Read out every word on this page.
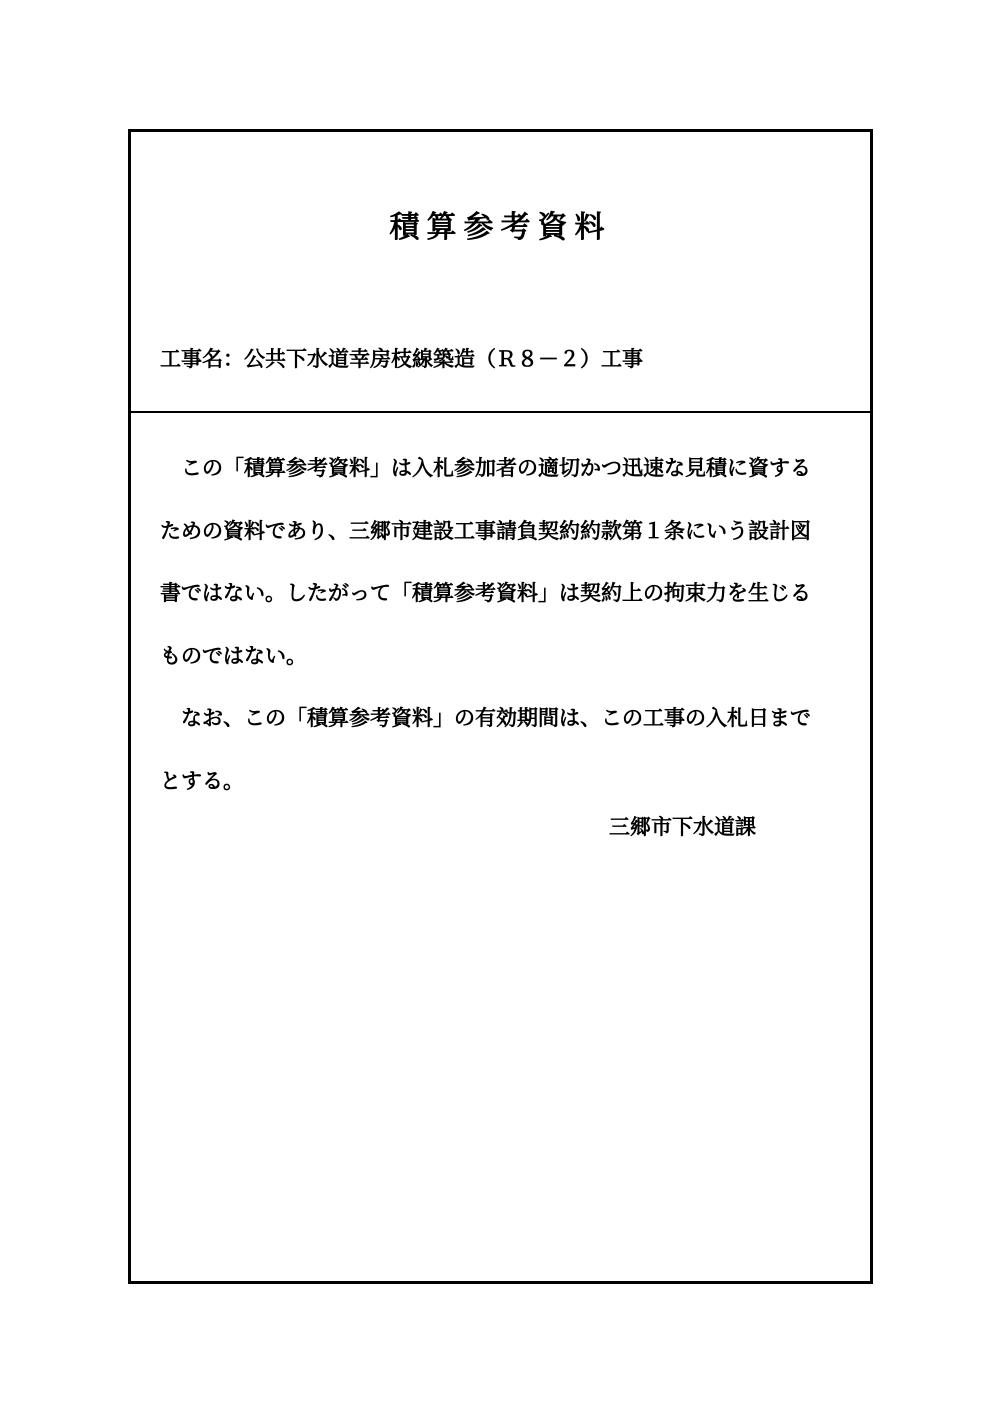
積算参考資料
工事名：公共下水道幸房枝線築造（Ｒ８－２）工事

この「積算参考資料」は入札参加者の適切かつ迅速な見積に資するための資料であり、三郷市建設工事請負契約約款第１条にいう設計図書ではない。したがって「積算参考資料」は契約上の拘束力を生じるものではない。

なお、この「積算参考資料」の有効期間は、この工事の入札日までとする。

三郷市下水道課
